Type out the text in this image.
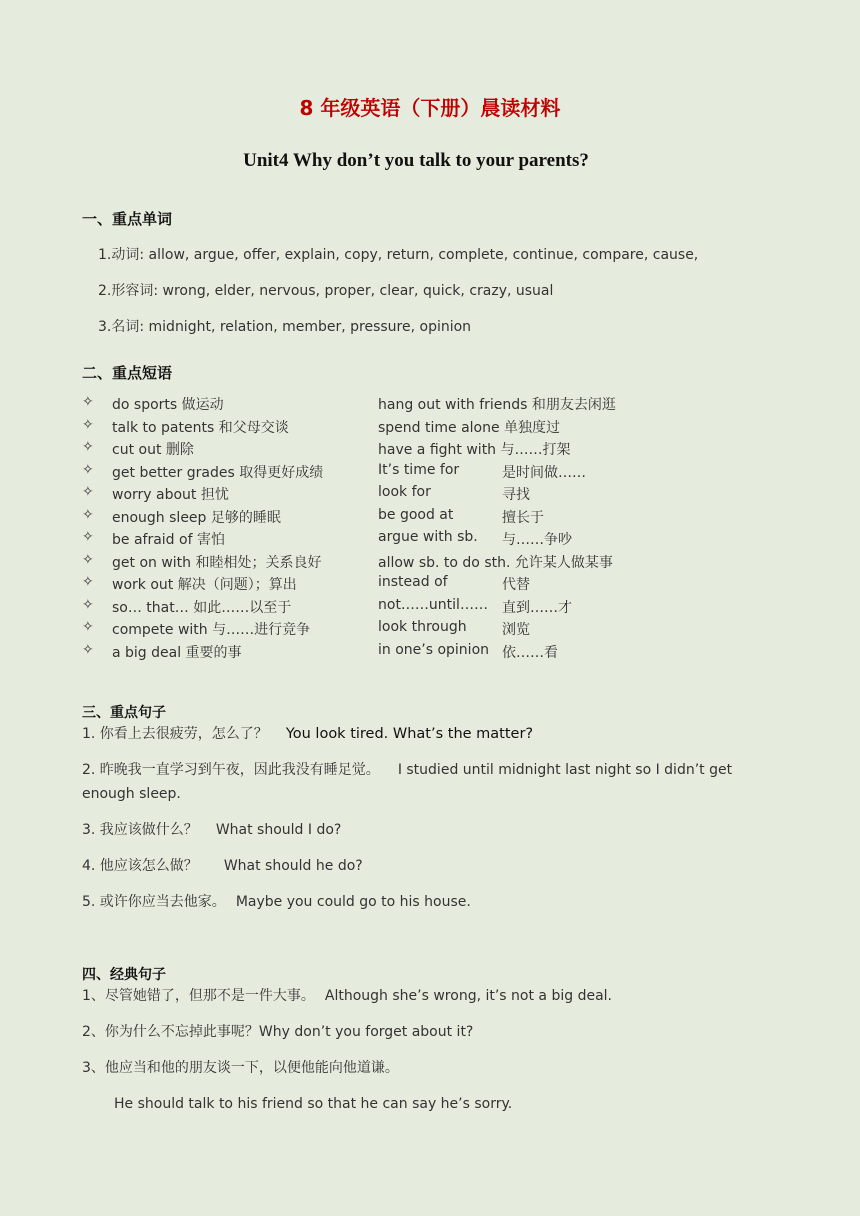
8 年级英语（下册）晨读材料
Unit4 Why don’t you talk to your parents?
一、重点单词
1.动词: allow, argue, offer, explain, copy, return, complete, continue, compare, cause,
2.形容词: wrong, elder, nervous, proper, clear, quick, crazy, usual
3.名词: midnight, relation, member, pressure, opinion
二、重点短语
✧ do sports 做运动	hang out with friends 和朋友去闲逛
✧ talk to patents 和父母交谈	spend time alone 单独度过
✧ cut out 删除	have a fight with 与……打架
✧ get better grades 取得更好成绩	It’s time for	是时间做……
✧ worry about 担忧	look for	寻找
✧ enough sleep 足够的睡眠	be good at	擅长于
✧ be afraid of 害怕	argue with sb. 与……争吵
✧ get on with 和睦相处；关系良好	allow sb. to do sth. 允许某人做某事
✧ work out 解决（问题）；算出	instead of	代替
✧ so… that… 如此……以至于	not……until…… 直到……才
✧ compete with 与……进行竞争	look through	浏览
✧ a big deal 重要的事	in one’s opinion 依……看
三、重点句子
1. 你看上去很疲劳，怎么了？ You look tired. What’s the matter?
2. 昨晚我一直学习到午夜，因此我没有睡足觉。 I studied until midnight last night so I didn’t get enough sleep.
3. 我应该做什么？ What should I do?
4. 他应该怎么做？ What should he do?
5. 或许你应当去他家。 Maybe you could go to his house.
四、经典句子
1、尽管她错了，但那不是一件大事。 Although she’s wrong, it’s not a big deal.
2、你为什么不忘掉此事呢？Why don’t you forget about it?
3、他应当和他的朋友谈一下，以便他能向他道谦。
He should talk to his friend so that he can say he’s sorry.
